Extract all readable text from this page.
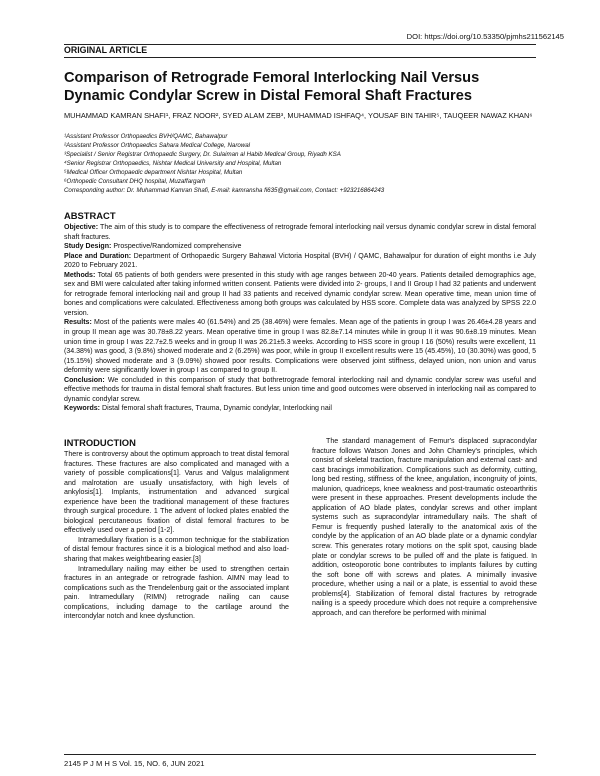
DOI: https://doi.org/10.53350/pjmhs211562145
ORIGINAL ARTICLE
Comparison of Retrograde Femoral Interlocking Nail Versus Dynamic Condylar Screw in Distal Femoral Shaft Fractures
MUHAMMAD KAMRAN SHAFI¹, FRAZ NOOR², SYED ALAM ZEB³, MUHAMMAD ISHFAQ⁴, YOUSAF BIN TAHIR⁵, TAUQEER NAWAZ KHAN⁶
¹Assistant Professor Orthopaedics BVH/QAMC, Bahawalpur
²Assistant Professor Orthopaedics Sahara Medical College, Narowal
³Specialist / Senior Registrar Orthopaedic Surgery, Dr. Sulaiman al Habib Medical Group, Riyadh KSA
⁴Senior Registrar Orthopaedics, Nishtar Medical University and Hospital, Multan
⁵Medical Officer Orthopaedic department Nishtar Hospital, Multan
⁶Orthopedic Consultant DHQ hospital, Muzaffargarh
Corresponding author: Dr. Muhammad Kamran Shafi, E-mail: kamransha fi635@gmail.com, Contact: +923216864243
ABSTRACT

Objective: The aim of this study is to compare the effectiveness of retrograde femoral interlocking nail versus dynamic condylar screw in distal femoral shaft fractures.

Study Design: Prospective/Randomized comprehensive

Place and Duration: Department of Orthopaedic Surgery Bahawal Victoria Hospital (BVH) / QAMC, Bahawalpur for duration of eight months i.e July 2020 to February 2021.

Methods: Total 65 patients of both genders were presented in this study with age ranges between 20-40 years. Patients detailed demographics age, sex and BMI were calculated after taking informed written consent. Patients were divided into 2- groups, I and II Group I had 32 patients and underwent for retrograde femoral interlocking nail and group II had 33 patients and received dynamic condylar screw. Mean operative time, mean union time of bones and complications were calculated. Effectiveness among both groups was calculated by HSS score. Complete data was analyzed by SPSS 22.0 version.

Results: Most of the patients were males 40 (61.54%) and 25 (38.46%) were females. Mean age of the patients in group I was 26.46±4.28 years and in group II mean age was 30.78±8.22 years. Mean operative time in group I was 82.8±7.14 minutes while in group II it was 90.6±8.19 minutes. Mean union time in group I was 22.7±2.5 weeks and in group II was 26.21±5.3 weeks. According to HSS score in group I 16 (50%) results were excellent, 11 (34.38%) was good, 3 (9.8%) showed moderate and 2 (6.25%) was poor, while in group II excellent results were 15 (45.45%), 10 (30.30%) was good, 5 (15.15%) showed moderate and 3 (9.09%) showed poor results. Complications were observed joint stiffness, delayed union, non union and varus deformity were significantly lower in group I as compared to group II.

Conclusion: We concluded in this comparison of study that bothretrograde femoral interlocking nail and dynamic condylar screw was useful and effective methods for trauma in distal femoral shaft fractures. But less union time and good outcomes were observed in interlocking nail as compared to dynamic condylar screw.

Keywords: Distal femoral shaft fractures, Trauma, Dynamic condylar, Interlocking nail

INTRODUCTION

There is controversy about the optimum approach to treat distal femoral fractures. These fractures are also complicated and managed with a variety of possible complications[1]. Varus and Valgus malalignment and malrotation are usually unsatisfactory, with high levels of ankylosis[1]. Implants, instrumentation and advanced surgical experience have been the traditional management of these fractures through surgical procedure. 1 The advent of locked plates enabled the biological percutaneous fixation of distal femoral fractures to be effectively used over a period [1-2].

Intramedullary fixation is a common technique for the stabilization of distal femour fractures since it is a biological method and also load-sharing that makes weightbearing easier.[3]

Intramedullary nailing may either be used to strengthen certain fractures in an antegrade or retrograde fashion. AIMN may lead to complications such as the Trendelenburg gait or the associated implant pain. Intramedullary (RIMN) retrograde nailing can cause complications, including damage to the cartilage around the intercondylar notch and knee dysfunction.

The standard management of Femur's displaced supracondylar fracture follows Watson Jones and John Charnley's principles, which consist of skeletal traction, fracture manipulation and external cast- and cast bracings immobilization. Complications such as deformity, cutting, long bed resting, stiffness of the knee, angulation, incongruity of joints, malunion, quadriceps, knee weakness and post-traumatic osteoarthritis were present in these approaches. Present developments include the application of AO blade plates, condylar screws and other implant systems such as supracondylar intramedullary nails. The shaft of Femur is frequently pushed laterally to the anatomical axis of the condyle by the application of an AO blade plate or a dynamic condylar screw. This generates rotary motions on the split spot, causing blade plate or condylar screws to be pulled off and the plate is fatigued. In addition, osteoporotic bone contributes to implants failures by cutting the soft bone off with screws and plates. A minimally invasive procedure, whether using a nail or a plate, is essential to avoid these problems[4]. Stabilization of femoral distal fractures by retrograde nailing is a speedy procedure which does not require a comprehensive approach, and can therefore be performed with minimal

2145 P J M H S Vol. 15, NO. 6, JUN 2021
